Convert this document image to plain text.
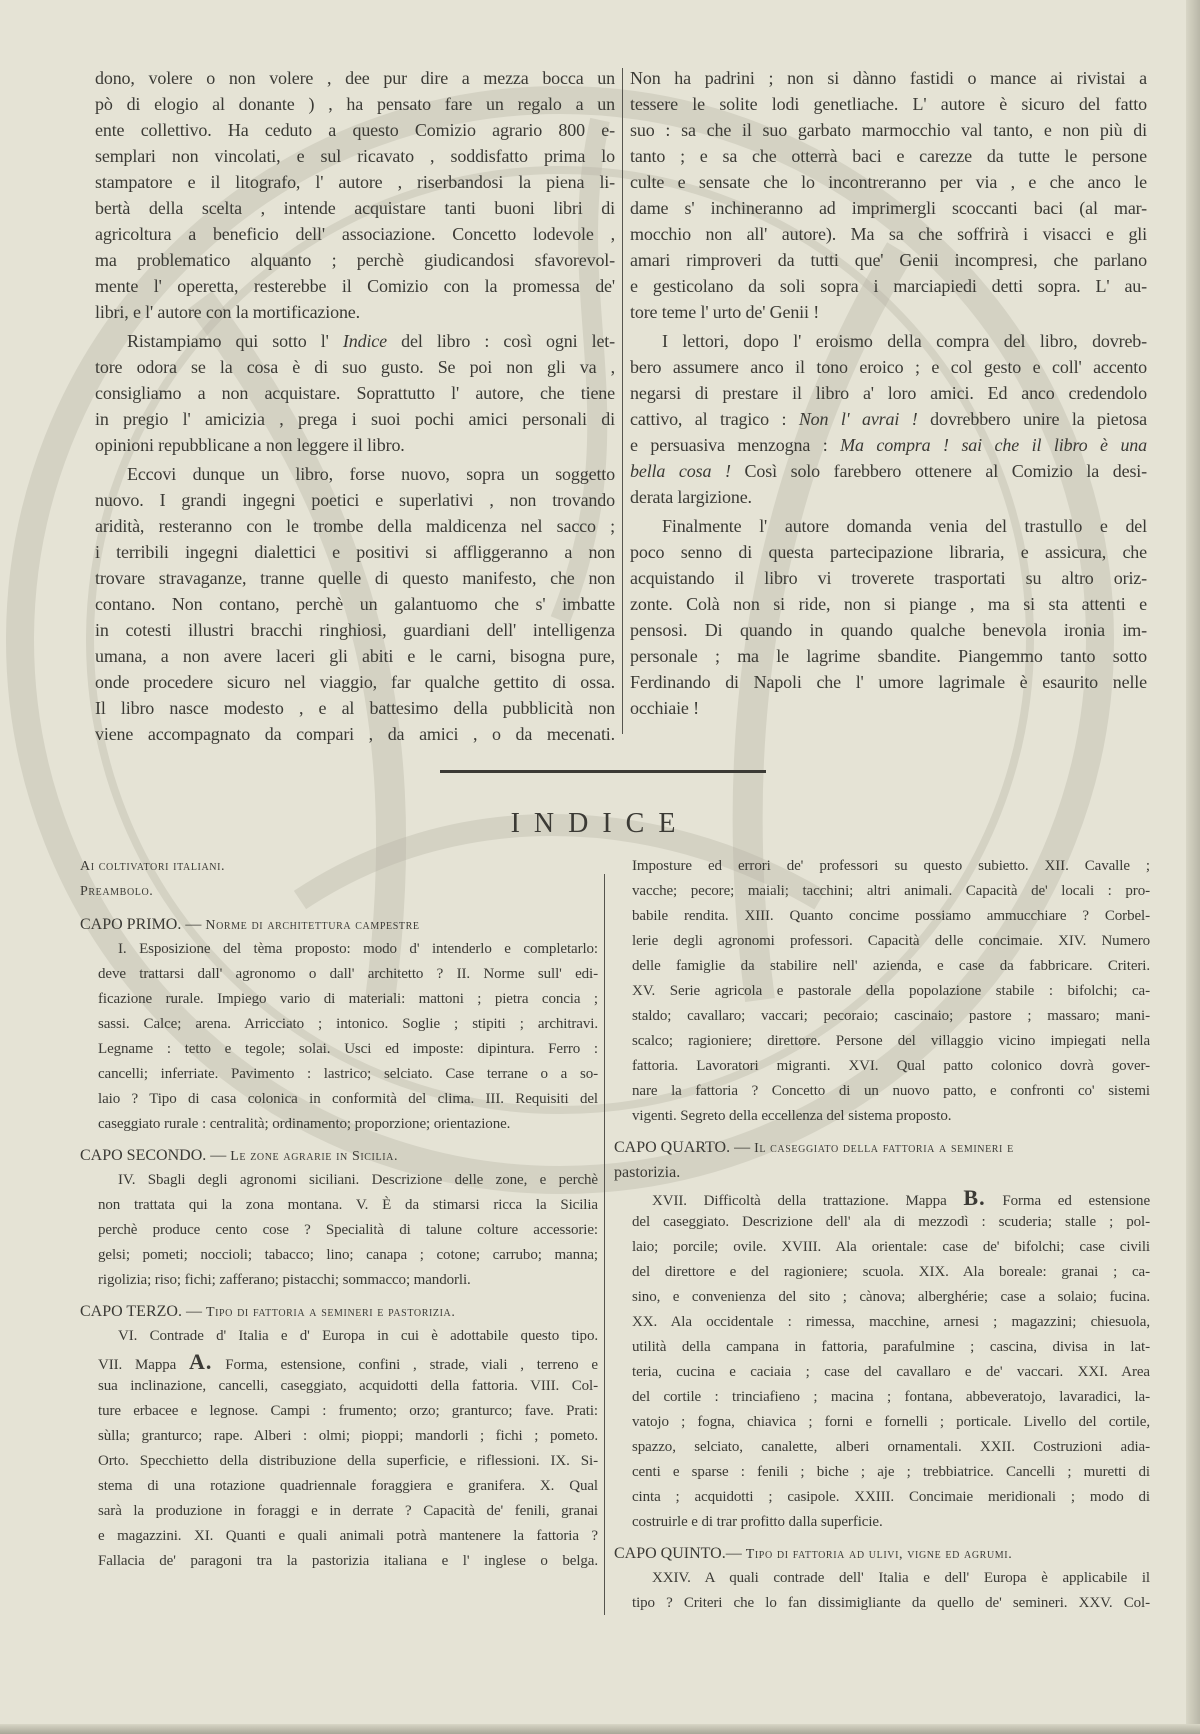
dono, volere o non volere , dee pur dire a mezza bocca un
pò di elogio al donante ) , ha pensato fare un regalo a un
ente collettivo. Ha ceduto a questo Comizio agrario 800 e-
semplari non vincolati, e sul ricavato , soddisfatto prima lo
stampatore e il litografo, l' autore , riserbandosi la piena li-
bertà della scelta , intende acquistare tanti buoni libri di
agricoltura a beneficio dell' associazione. Concetto lodevole ,
ma problematico alquanto ; perchè giudicandosi sfavorevol-
mente l' operetta, resterebbe il Comizio con la promessa de'
libri, e l' autore con la mortificazione.
Ristampiamo qui sotto l' Indice del libro : così ogni let-
tore odora se la cosa è di suo gusto. Se poi non gli va ,
consigliamo a non acquistare. Soprattutto l' autore, che tiene
in pregio l' amicizia , prega i suoi pochi amici personali di
opinioni repubblicane a non leggere il libro.
Eccovi dunque un libro, forse nuovo, sopra un soggetto
nuovo. I grandi ingegni poetici e superlativi , non trovando
aridità, resteranno con le trombe della maldicenza nel sacco ;
i terribili ingegni dialettici e positivi si affliggeranno a non
trovare stravaganze, tranne quelle di questo manifesto, che non
contano. Non contano, perchè un galantuomo che s' imbatte
in cotesti illustri bracchi ringhiosi, guardiani dell' intelligenza
umana, a non avere laceri gli abiti e le carni, bisogna pure,
onde procedere sicuro nel viaggio, far qualche gettito di ossa.
Il libro nasce modesto , e al battesimo della pubblicità non
viene accompagnato da compari , da amici , o da mecenati.
Non ha padrini ; non si dànno fastidi o mance ai rivistai a
tessere le solite lodi genetliache. L' autore è sicuro del fatto
suo : sa che il suo garbato marmocchio val tanto, e non più di
tanto ; e sa che otterrà baci e carezze da tutte le persone
culte e sensate che lo incontreranno per via , e che anco le
dame s' inchineranno ad imprimergli scoccanti baci (al mar-
mocchio non all' autore). Ma sa che soffrirà i visacci e gli
amari rimproveri da tutti que' Genii incompresi, che parlano
e gesticolano da soli sopra i marciapiedi detti sopra. L' au-
tore teme l' urto de' Genii !
I lettori, dopo l' eroismo della compra del libro, dovreb-
bero assumere anco il tono eroico ; e col gesto e coll' accento
negarsi di prestare il libro a' loro amici. Ed anco credendolo
cattivo, al tragico : Non l' avrai ! dovrebbero unire la pietosa
e persuasiva menzogna : Ma compra ! sai che il libro è una
bella cosa ! Così solo farebbero ottenere al Comizio la desi-
derata largizione.
Finalmente l' autore domanda venia del trastullo e del
poco senno di questa partecipazione libraria, e assicura, che
acquistando il libro vi troverete trasportati su altro oriz-
zonte. Colà non si ride, non si piange , ma si sta attenti e
pensosi. Di quando in quando qualche benevola ironia im-
personale ; ma le lagrime sbandite. Piangemmo tanto sotto
Ferdinando di Napoli che l' umore lagrimale è esaurito nelle
occhiaie !
INDICE
Ai coltivatori italiani.
Preambolo.
CAPO PRIMO. — Norme di architettura campestre
I. Esposizione del tèma proposto: modo d' intenderlo e completarlo:
deve trattarsi dall' agronomo o dall' architetto ? II. Norme sull' edi-
ficazione rurale. Impiego vario di materiali: mattoni ; pietra concia ;
sassi. Calce; arena. Arricciato ; intonico. Soglie ; stipiti ; architravi.
Legname : tetto e tegole; solai. Usci ed imposte: dipintura. Ferro :
cancelli; inferriate. Pavimento : lastrico; selciato. Case terrane o a so-
laio ? Tipo di casa colonica in conformità del clima. III. Requisiti del
caseggiato rurale : centralità; ordinamento; proporzione; orientazione.
CAPO SECONDO. — Le zone agrarie in Sicilia.
IV. Sbagli degli agronomi siciliani. Descrizione delle zone, e perchè
non trattata qui la zona montana. V. È da stimarsi ricca la Sicilia
perchè produce cento cose ? Specialità di talune colture accessorie:
gelsi; pometi; noccioli; tabacco; lino; canapa ; cotone; carrubo; manna;
rigolizia; riso; fichi; zafferano; pistacchi; sommacco; mandorli.
CAPO TERZO. — Tipo di fattoria a semineri e pastorizia.
VI. Contrade d' Italia e d' Europa in cui è adottabile questo tipo.
VII. Mappa A. Forma, estensione, confini , strade, viali , terreno e
sua inclinazione, cancelli, caseggiato, acquidotti della fattoria. VIII. Col-
ture erbacee e legnose. Campi : frumento; orzo; granturco; fave. Prati:
sùlla; granturco; rape. Alberi : olmi; pioppi; mandorli ; fichi ; pometo.
Orto. Specchietto della distribuzione della superficie, e riflessioni. IX. Si-
stema di una rotazione quadriennale foraggiera e granifera. X. Qual
sarà la produzione in foraggi e in derrate ? Capacità de' fenili, granai
e magazzini. XI. Quanti e quali animali potrà mantenere la fattoria ?
Fallacia de' paragoni tra la pastorizia italiana e l' inglese o belga.
Imposture ed errori de' professori su questo subietto. XII. Cavalle ;
vacche; pecore; maiali; tacchini; altri animali. Capacità de' locali : pro-
babile rendita. XIII. Quanto concime possiamo ammucchiare ? Corbel-
lerie degli agronomi professori. Capacità delle concimaie. XIV. Numero
delle famiglie da stabilire nell' azienda, e case da fabbricare. Criteri.
XV. Serie agricola e pastorale della popolazione stabile : bifolchi; ca-
staldo; cavallaro; vaccari; pecoraio; cascinaio; pastore ; massaro; mani-
scalco; ragioniere; direttore. Persone del villaggio vicino impiegati nella
fattoria. Lavoratori migranti. XVI. Qual patto colonico dovrà gover-
nare la fattoria ? Concetto di un nuovo patto, e confronti co' sistemi
vigenti. Segreto della eccellenza del sistema proposto.
CAPO QUARTO. — Il caseggiato della fattoria a semineri e
pastorizia.
XVII. Difficoltà della trattazione. Mappa B. Forma ed estensione
del caseggiato. Descrizione dell' ala di mezzodì : scuderia; stalle ; pol-
laio; porcile; ovile. XVIII. Ala orientale: case de' bifolchi; case civili
del direttore e del ragioniere; scuola. XIX. Ala boreale: granai ; ca-
sino, e convenienza del sito ; cànova; alberghérie; case a solaio; fucina.
XX. Ala occidentale : rimessa, macchine, arnesi ; magazzini; chiesuola,
utilità della campana in fattoria, parafulmine ; cascina, divisa in lat-
teria, cucina e caciaia ; case del cavallaro e de' vaccari. XXI. Area
del cortile : trinciafieno ; macina ; fontana, abbeveratojo, lavaradici, la-
vatojo ; fogna, chiavica ; forni e fornelli ; porticale. Livello del cortile,
spazzo, selciato, canalette, alberi ornamentali. XXII. Costruzioni adia-
centi e sparse : fenili ; biche ; aje ; trebbiatrice. Cancelli ; muretti di
cinta ; acquidotti ; casipole. XXIII. Concimaie meridionali ; modo di
costruirle e di trar profitto dalla superficie.
CAPO QUINTO.— Tipo di fattoria ad ulivi, vigne ed agrumi.
XXIV. A quali contrade dell' Italia e dell' Europa è applicabile il
tipo ? Criteri che lo fan dissimigliante da quello de' semineri. XXV. Col-
